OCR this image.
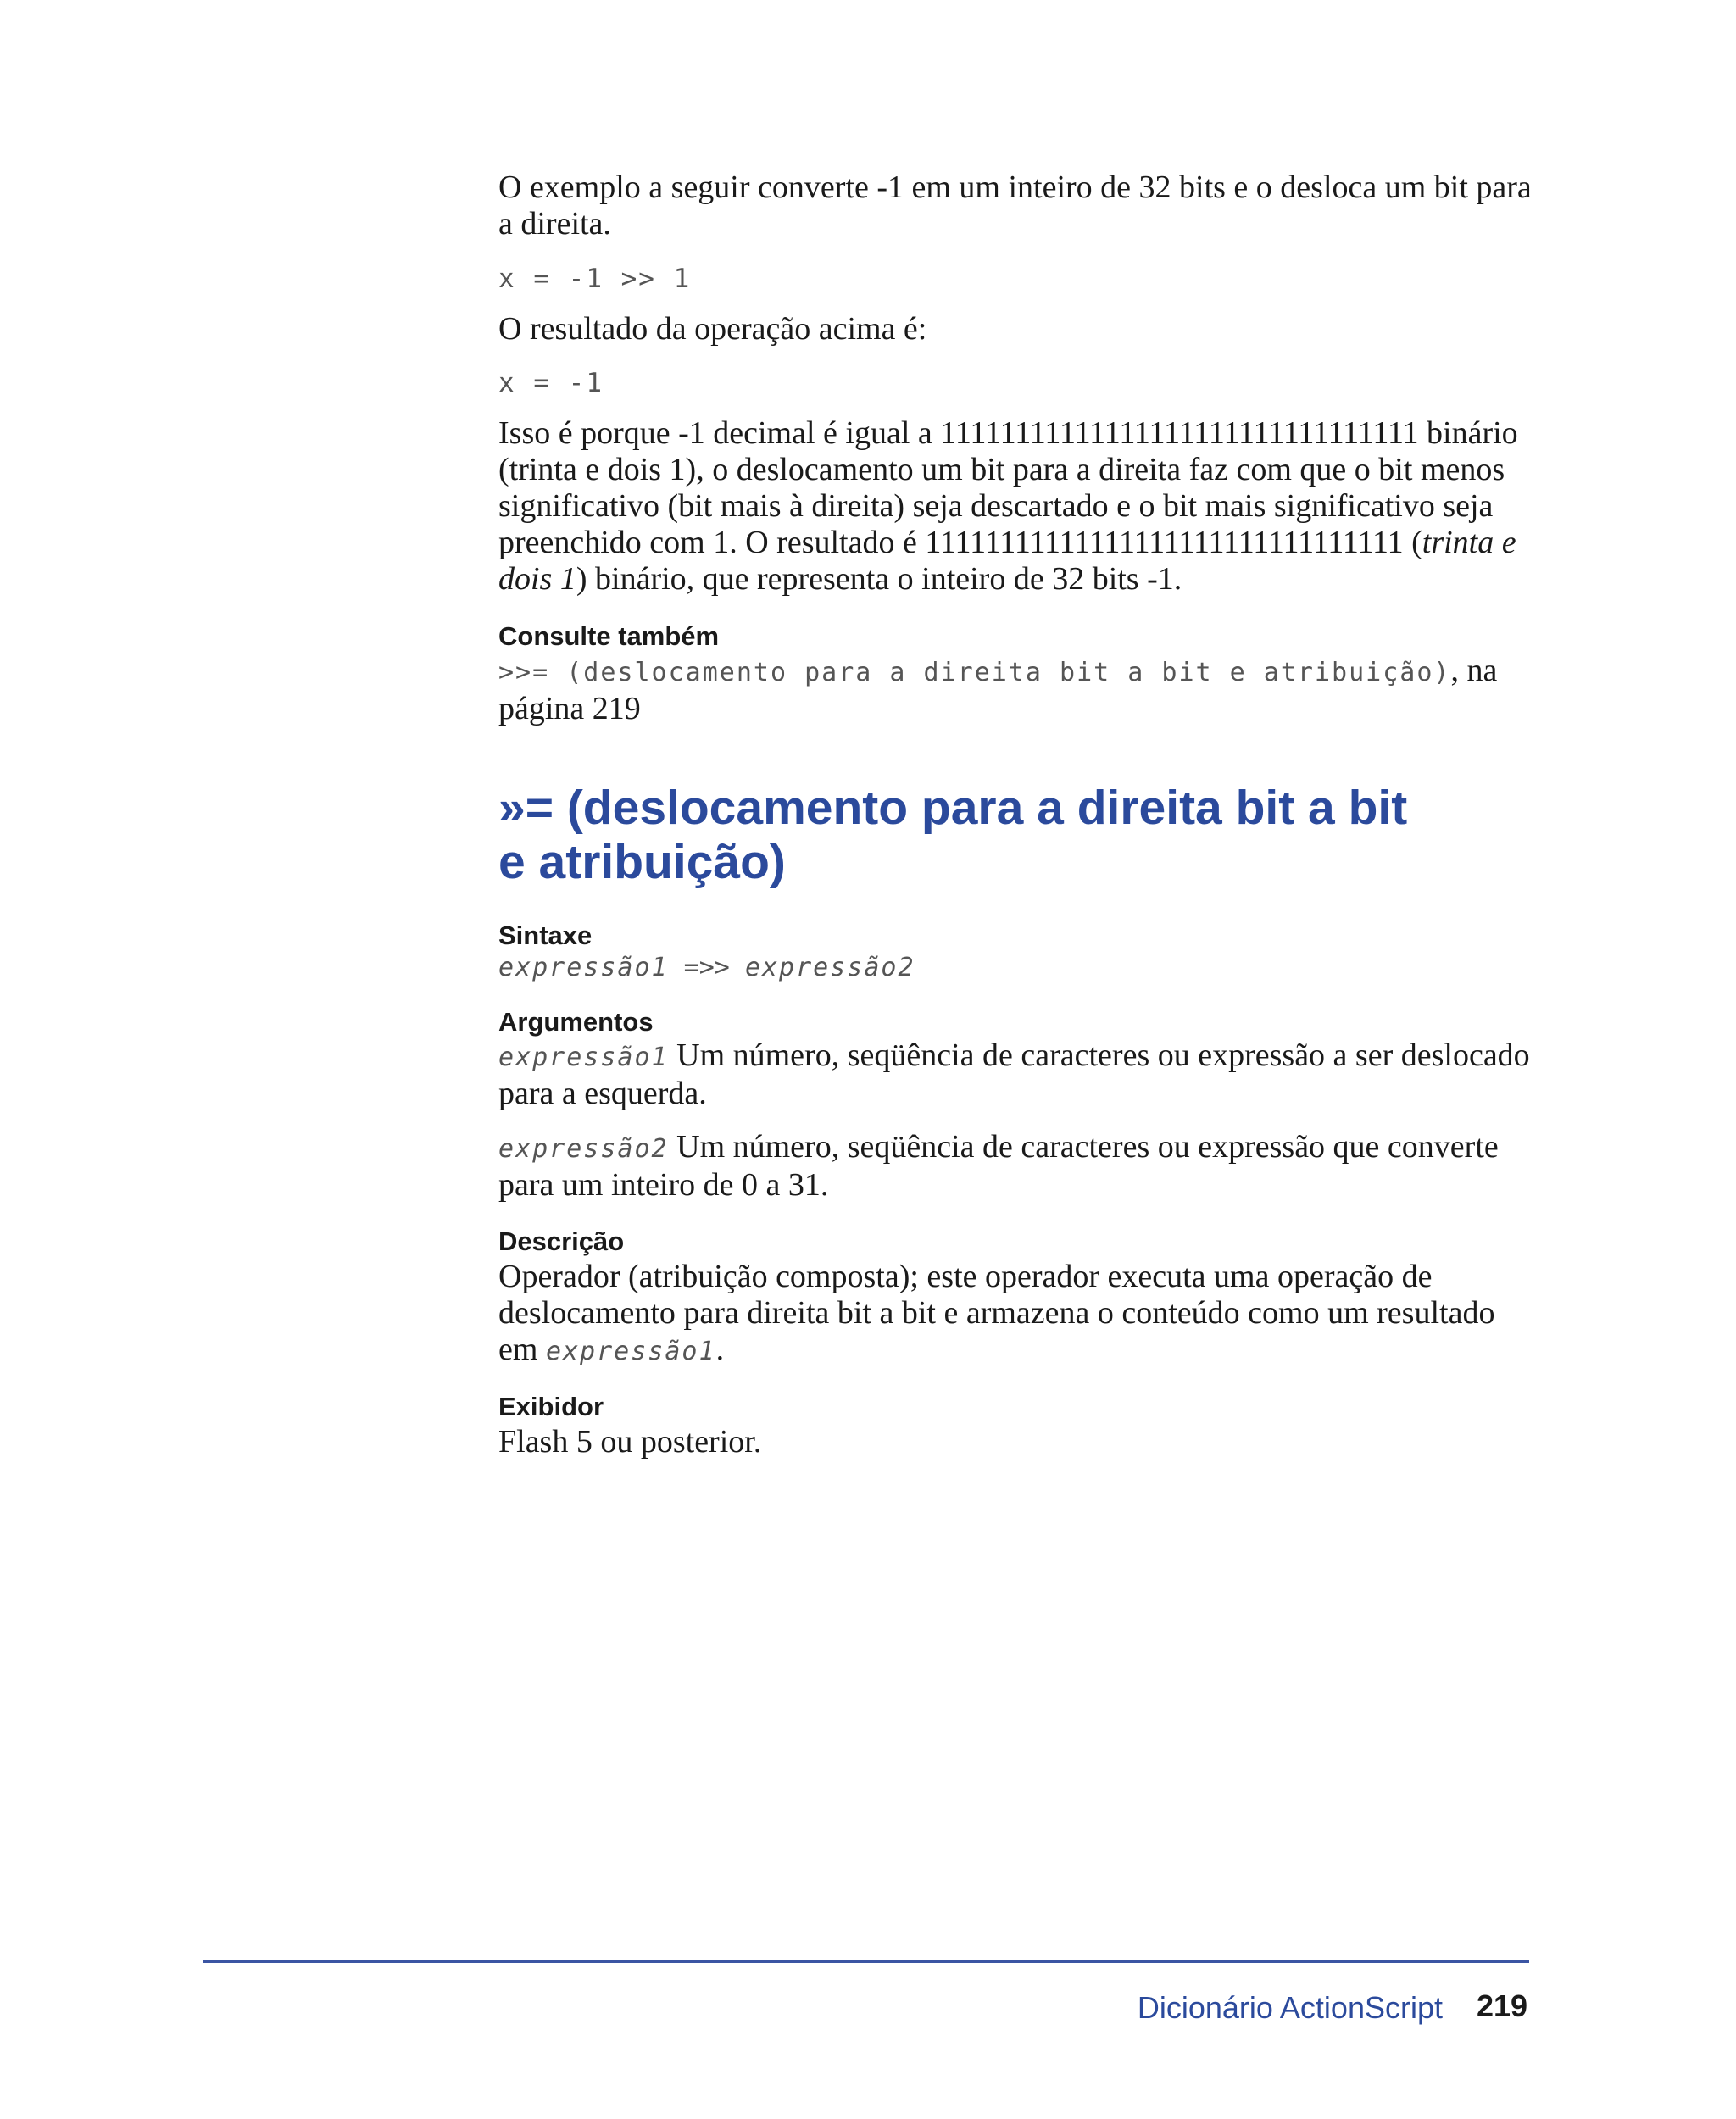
O exemplo a seguir converte -1 em um inteiro de 32 bits e o desloca um bit para a direita.

x = -1 >> 1

O resultado da operação acima é:

x = -1

Isso é porque -1 decimal é igual a 11111111111111111111111111111111 binário (trinta e dois 1), o deslocamento um bit para a direita faz com que o bit menos significativo (bit mais à direita) seja descartado e o bit mais significativo seja preenchido com 1. O resultado é 11111111111111111111111111111111 (trinta e dois 1) binário, que representa o inteiro de 32 bits -1.

Consulte também
>>= (deslocamento para a direita bit a bit e atribuição), na
página 219
»= (deslocamento para a direita bit a bit
e atribuição)
Sintaxe
expressão1 =>> expressão2
Argumentos

expressão1 Um número, seqüência de caracteres ou expressão a ser deslocado para a esquerda.

expressão2 Um número, seqüência de caracteres ou expressão que converte para um inteiro de 0 a 31.

Descrição

Operador (atribuição composta); este operador executa uma operação de deslocamento para direita bit a bit e armazena o conteúdo como um resultado em expressão1.

Exibidor

Flash 5 ou posterior.

Dicionário ActionScript 219
